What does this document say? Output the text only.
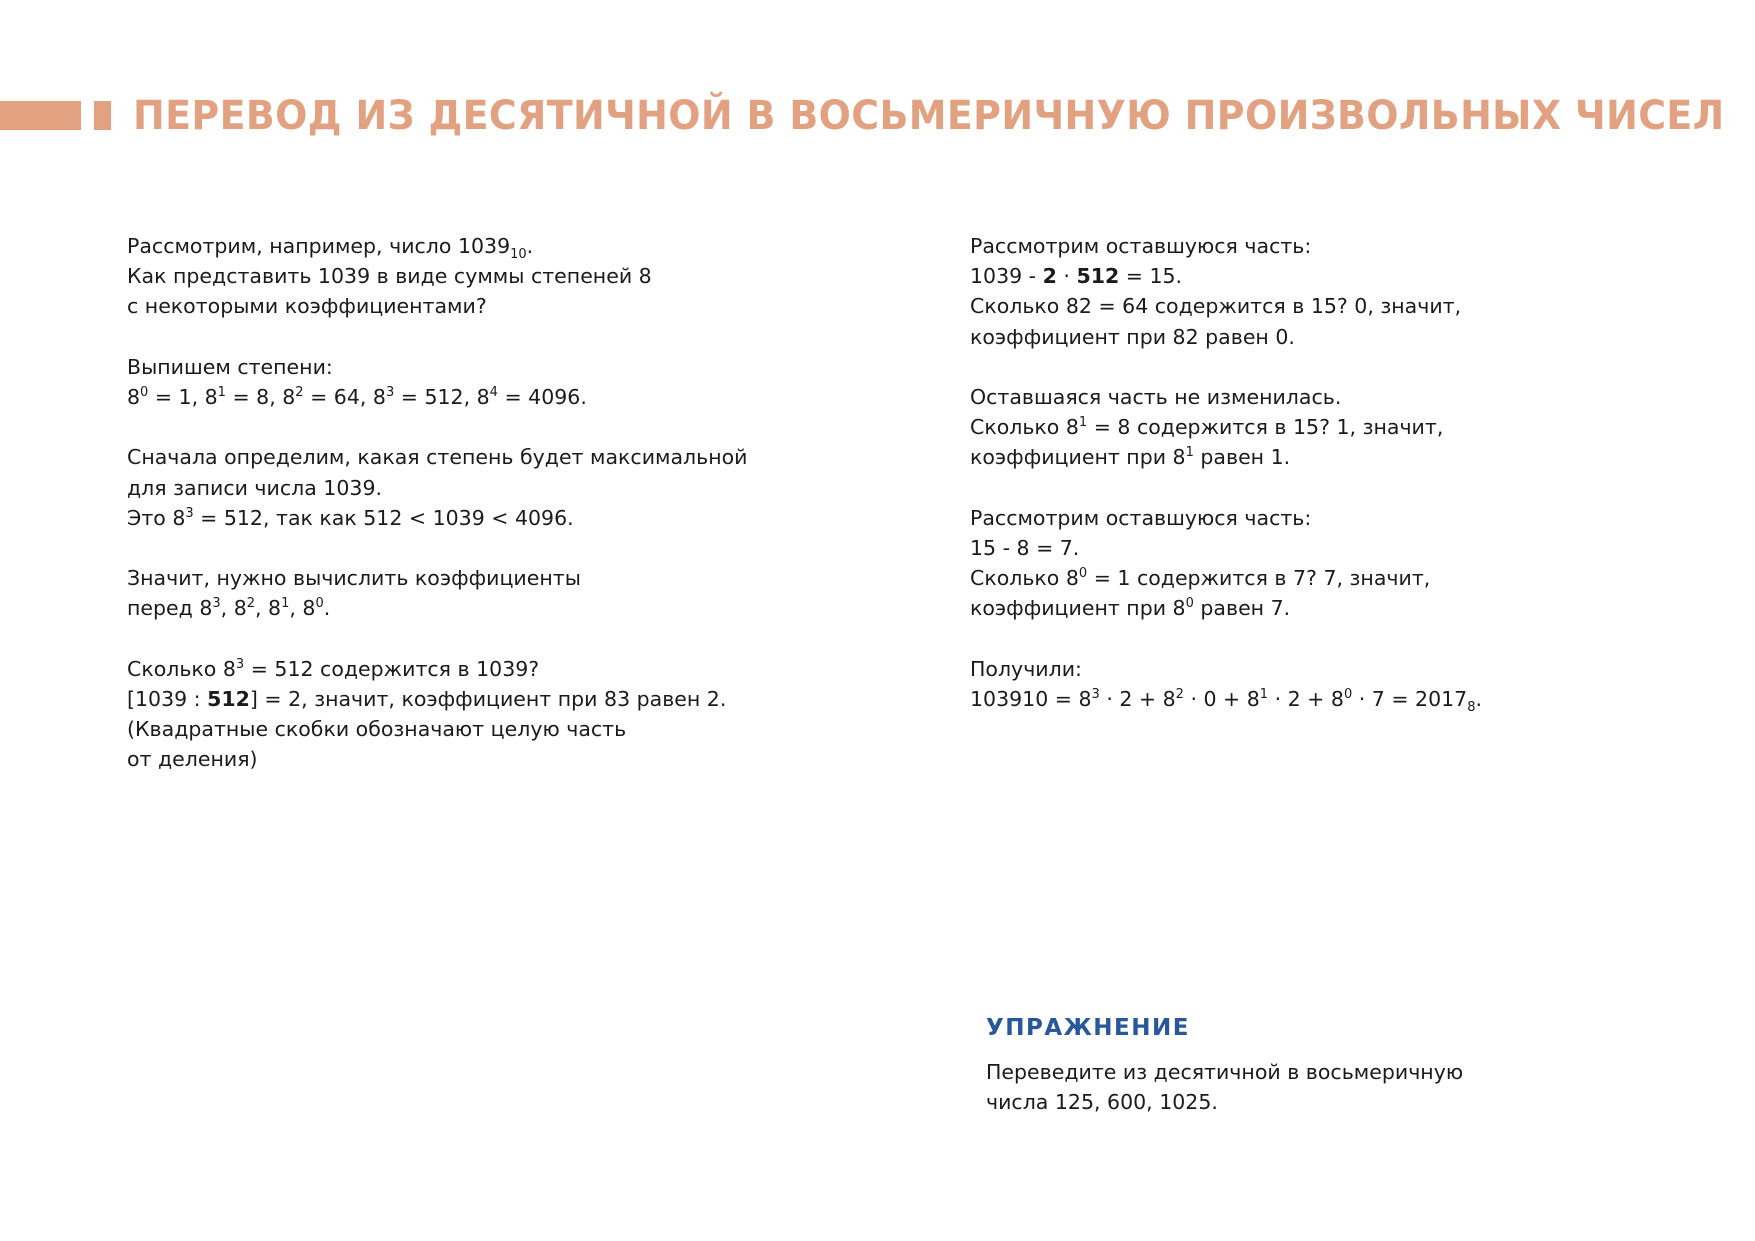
ПЕРЕВОД ИЗ ДЕСЯТИЧНОЙ В ВОСЬМЕРИЧНУЮ ПРОИЗВОЛЬНЫХ ЧИСЕЛ

Рассмотрим, например, число $1039_{10}$.
Как представить 1039 в виде суммы степеней 8
с некоторыми коэффициентами?

Выпишем степени:
$8^0 = 1$, $8^1 = 8$, $8^2 = 64$, $8^3 = 512$, $8^4 = 4096$.

Сначала определим, какая степень будет максимальной
для записи числа 1039.
Это $8^3 = 512$, так как 512 < 1039 < 4096.

Значит, нужно вычислить коэффициенты
перед $8^3$, $8^2$, $8^1$, $8^0$.

Сколько $8^3 = 512$ содержится в 1039?
[1039 : 512] = 2, значит, коэффициент при 83 равен 2.
(Квадратные скобки обозначают целую часть
от деления)

Рассмотрим оставшуюся часть:
1039 - 2 · 512 = 15.
Сколько 82 = 64 содержится в 15? 0, значит,
коэффициент при 82 равен 0.

Оставшаяся часть не изменилась.
Сколько $8^1 = 8$ содержится в 15? 1, значит,
коэффициент при $8^1$ равен 1.

Рассмотрим оставшуюся часть:
15 - 8 = 7.
Сколько $8^0 = 1$ содержится в 7? 7, значит,
коэффициент при $8^0$ равен 7.

Получили:
$103910 = 8^3 \cdot 2 + 8^2 \cdot 0 + 8^1 \cdot 2 + 8^0 \cdot 7 = 2017_8$.

УПРАЖНЕНИЕ

Переведите из десятичной в восьмеричную
числа 125, 600, 1025.
